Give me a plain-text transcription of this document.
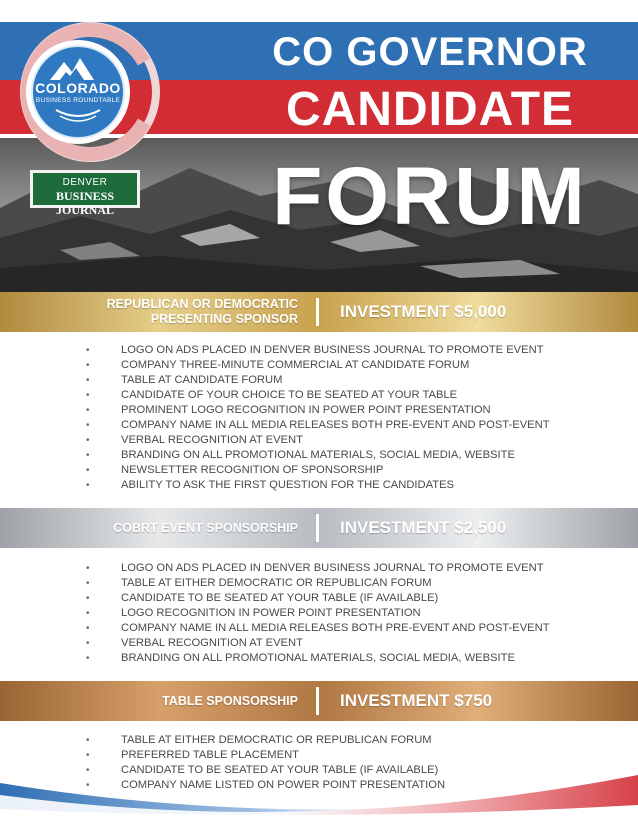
CO GOVERNOR
CANDIDATE
FORUM
COLORADO
BUSINESS ROUNDTABLE
DENVER
BUSINESS JOURNAL
REPUBLICAN OR DEMOCRATIC
PRESENTING SPONSOR INVESTMENT $5,000
•	LOGO ON ADS PLACED IN DENVER BUSINESS JOURNAL TO PROMOTE EVENT
•	COMPANY THREE-MINUTE COMMERCIAL AT CANDIDATE FORUM
•	TABLE AT CANDIDATE FORUM
•	CANDIDATE OF YOUR CHOICE TO BE SEATED AT YOUR TABLE
•	PROMINENT LOGO RECOGNITION IN POWER POINT PRESENTATION
•	COMPANY NAME IN ALL MEDIA RELEASES BOTH PRE-EVENT AND POST-EVENT
•	VERBAL RECOGNITION AT EVENT
•	BRANDING ON ALL PROMOTIONAL MATERIALS, SOCIAL MEDIA, WEBSITE
•	NEWSLETTER RECOGNITION OF SPONSORSHIP
•	ABILITY TO ASK THE FIRST QUESTION FOR THE CANDIDATES
COBRT EVENT SPONSORSHIP INVESTMENT $2,500
•	LOGO ON ADS PLACED IN DENVER BUSINESS JOURNAL TO PROMOTE EVENT
•	TABLE AT EITHER DEMOCRATIC OR REPUBLICAN FORUM
•	CANDIDATE TO BE SEATED AT YOUR TABLE (IF AVAILABLE)
•	LOGO RECOGNITION IN POWER POINT PRESENTATION
•	COMPANY NAME IN ALL MEDIA RELEASES BOTH PRE-EVENT AND POST-EVENT
•	VERBAL RECOGNITION AT EVENT
•	BRANDING ON ALL PROMOTIONAL MATERIALS, SOCIAL MEDIA, WEBSITE
TABLE SPONSORSHIP INVESTMENT $750
•	TABLE AT EITHER DEMOCRATIC OR REPUBLICAN FORUM
•	PREFERRED TABLE PLACEMENT
•	CANDIDATE TO BE SEATED AT YOUR TABLE (IF AVAILABLE)
•	COMPANY NAME LISTED ON POWER POINT PRESENTATION
